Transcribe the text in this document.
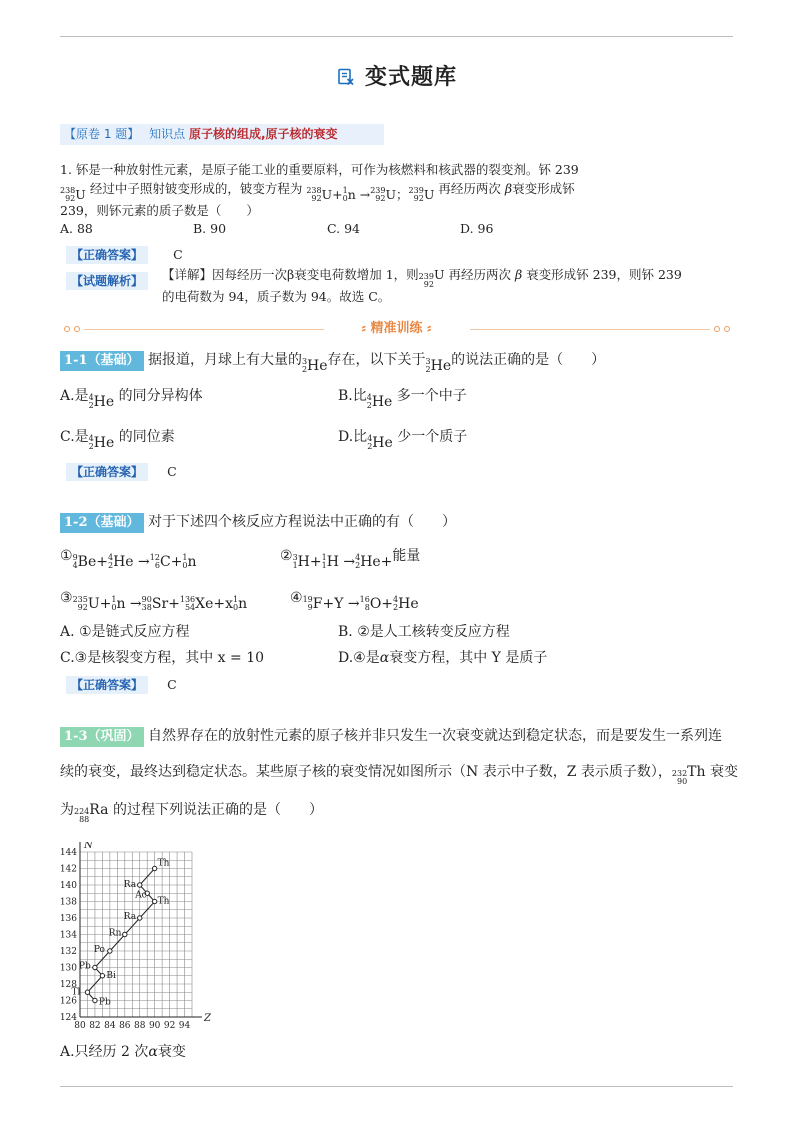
变式题库
【原卷 1 题】 知识点 原子核的组成,原子核的衰变
1. 钚是一种放射性元素，是原子能工业的重要原料，可作为核燃料和核武器的裂变剂。钚 239
238
92 U 经过中子照射铍变形成的，铍变方程为 238
92 U+ 1
0 n → 239
92 U； 239
92 U 再经历两次 β衰变形成钚
239，则钚元素的质子数是（　　）
A. 88	B. 90	C. 94	D. 96
【正确答案】 C
【试题解析】	【详解】因每经历一次β衰变电荷数增加 1，则 239
92
U 再经历两次 β 衰变形成钚 239，则钚 239
的电荷数为 94，质子数为 94。故选 C。
⸗ 精准训练 ⸗
1-1（基础） 据报道，月球上有大量的 3
2 He存在，以下关于 3
2 He的说法正确的是（　　）
A.是 4
2 He 的同分异构体	B.比 4
2 He 多一个中子
C.是 4
2 He 的同位素	D.比 4
2 He 少一个质子
【正确答案】 C
1-2（基础） 对于下述四个核反应方程说法中正确的有（　　）
① 9
4 Be+ 4
2 He → 12
6 C+ 1
0 n	② 3
1 H+ 1
1 H → 4
2 He+能量
③ 235
92 U+ 1
0 n → 90
38 Sr+ 136
54 Xe+x 1
0 n	④ 19
9 F+Y → 16
8 O+ 4
2 He
A. ①是链式反应方程	B. ②是人工核转变反应方程
C.③是核裂变方程，其中 x = 10	D.④是α衰变方程，其中 Y 是质子
【正确答案】 C
1-3（巩固） 自然界存在的放射性元素的原子核并非只发生一次衰变就达到稳定状态，而是要发生一系列连
续的衰变，最终达到稳定状态。某些原子核的衰变情况如图所示（N 表示中子数，Z 表示质子数）， 232
90
Th 衰变
为 224
88
Ra 的过程下列说法正确的是（　　）
80 82 84 86 88 90 92 94
124
126
128
130
132
134
136
138
140
142
144
Z
N
Th
Ra
Ac
Th
Ra
Rn
Po
Pb
Bi
Tl
Pb
A.只经历 2 次α衰变
